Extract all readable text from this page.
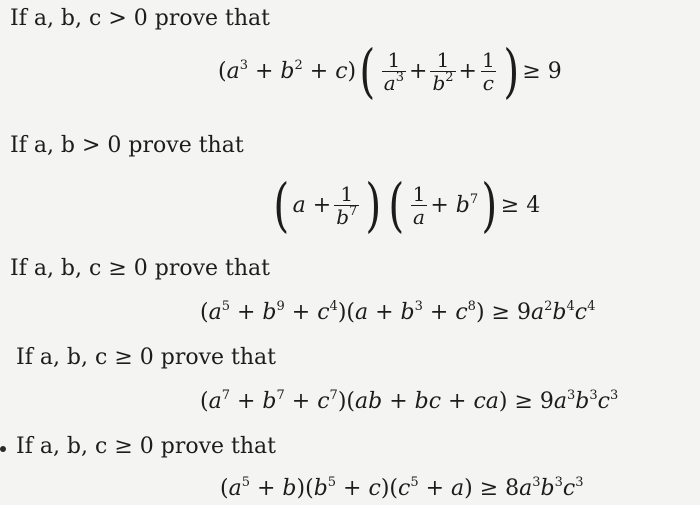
If a, b, c > 0 prove that
$(a^3 + b^2 + c)$ ( $\frac{1}{a^3} + \frac{1}{b^2} + \frac{1}{c}$ ) ≥ 9
If a, b > 0 prove that
( $a + \frac{1}{b^7}$ ) ( $\frac{1}{a} + b^7$ ) ≥ 4
If a, b, c ≥ 0 prove that
$(a^5 + b^9 + c^4)(a + b^3 + c^8) \ge 9a^2b^4c^4$
If a, b, c ≥ 0 prove that
$(a^7 + b^7 + c^7)(ab$ + bc + $ca) \ge 9a^3b^3c^3$
If a, b, c ≥ 0 prove that
$(a^5 + b)(b^5 + c)(c^5 + a) \ge 8a^3b^3c^3$
